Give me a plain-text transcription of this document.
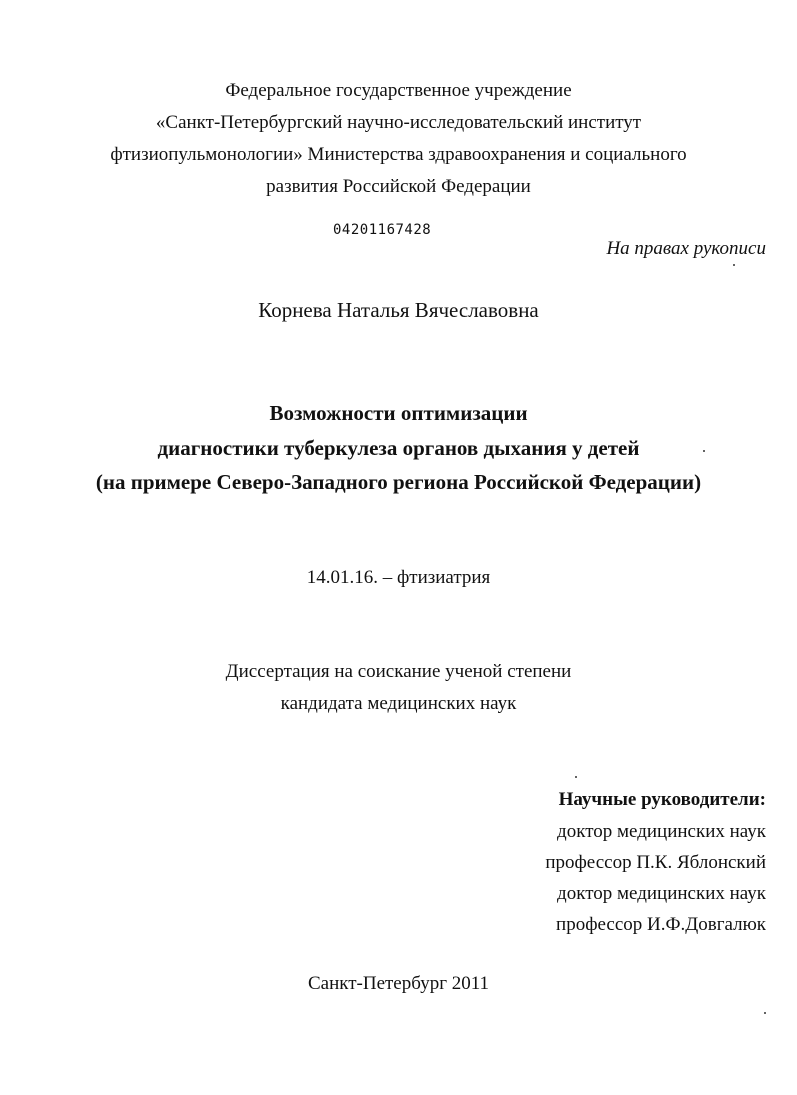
Федеральное государственное учреждение
«Санкт-Петербургский научно-исследовательский институт
фтизиопульмонологии» Министерства здравоохранения и социального
развития Российской Федерации
04201167428
На правах рукописи
Корнева Наталья Вячеславовна
Возможности оптимизации
диагностики туберкулеза органов дыхания у детей
(на примере Северо-Западного региона Российской Федерации)
14.01.16. – фтизиатрия
Диссертация на соискание ученой степени
кандидата медицинских наук
Научные руководители:
доктор медицинских наук
профессор П.К. Яблонский
доктор медицинских наук
профессор И.Ф.Довгалюк
Санкт-Петербург 2011
